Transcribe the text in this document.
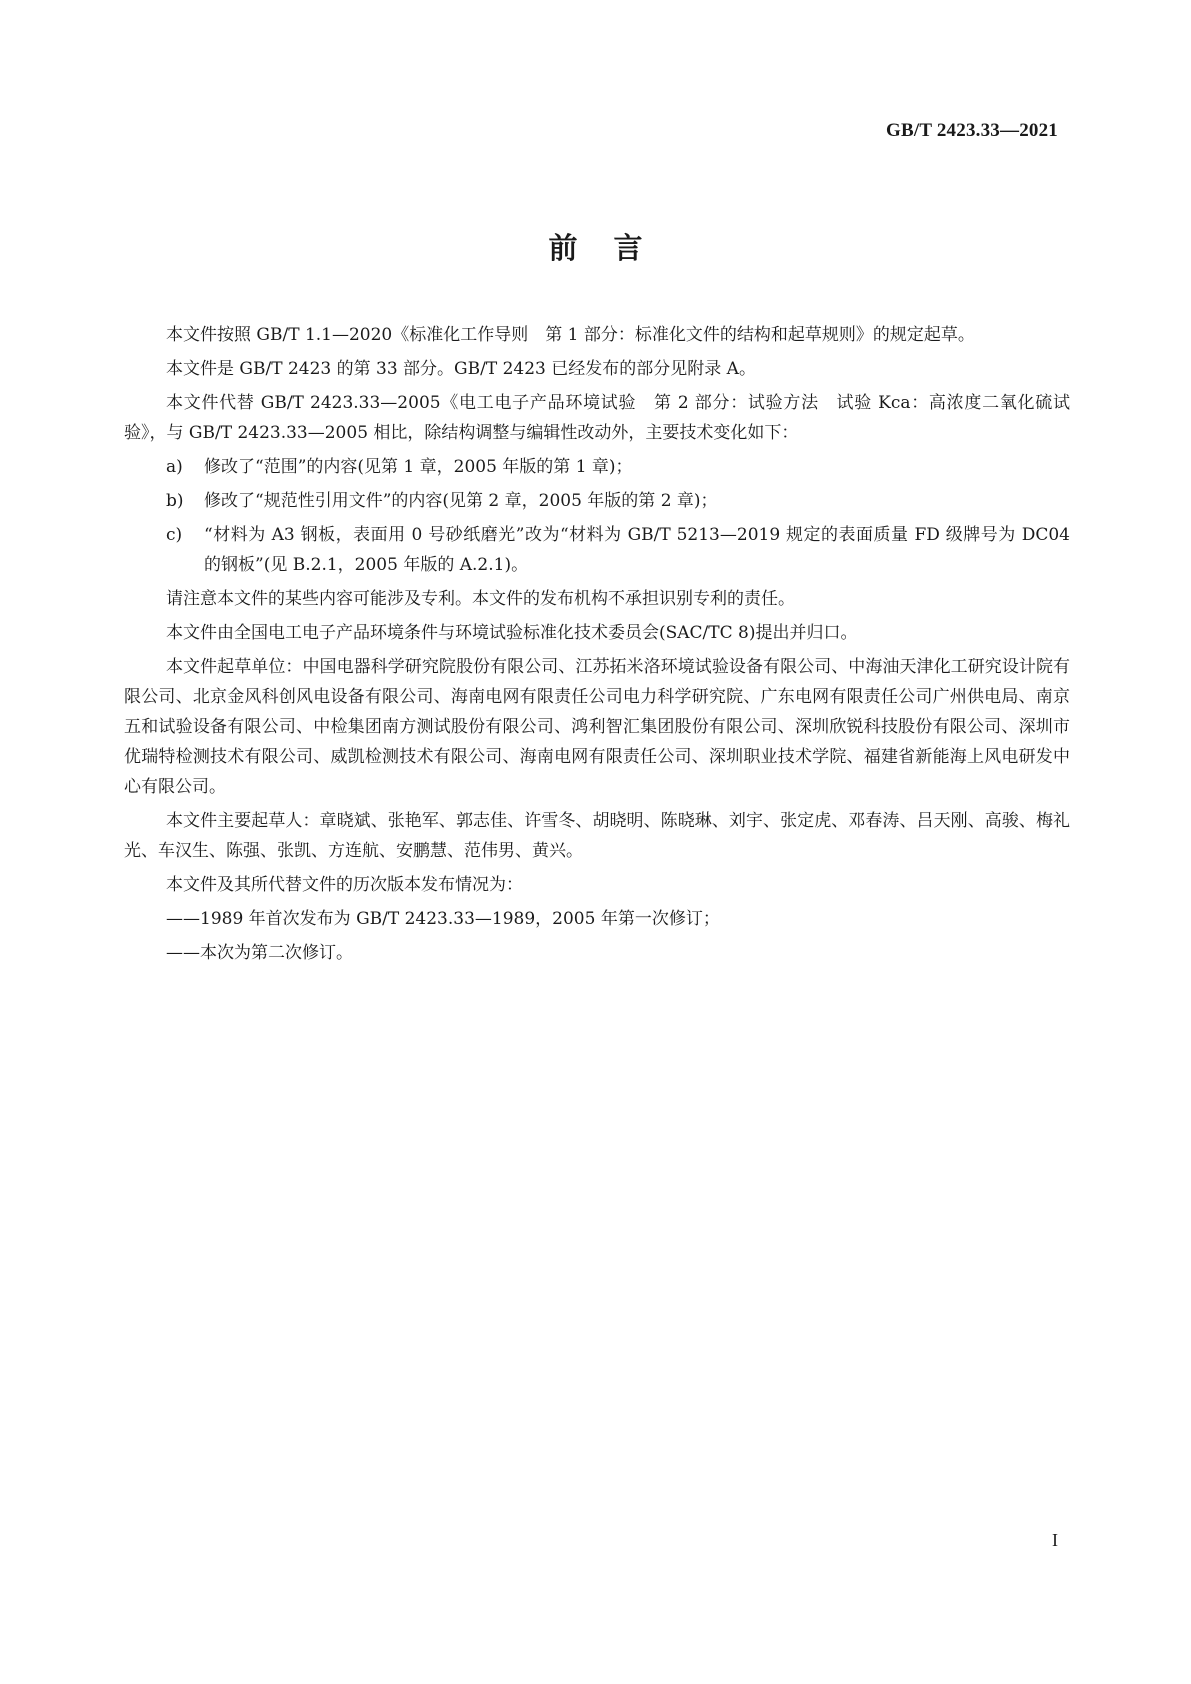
GB/T 2423.33—2021
前言

本文件按照 GB/T 1.1—2020《标准化工作导则　第 1 部分：标准化文件的结构和起草规则》的规定起草。

本文件是 GB/T 2423 的第 33 部分。GB/T 2423 已经发布的部分见附录 A。

本文件代替 GB/T 2423.33—2005《电工电子产品环境试验　第 2 部分：试验方法　试验 Kca：高浓度二氧化硫试验》，与 GB/T 2423.33—2005 相比，除结构调整与编辑性改动外，主要技术变化如下：

a)	修改了“范围”的内容(见第 1 章，2005 年版的第 1 章)；
b)	修改了“规范性引用文件”的内容(见第 2 章，2005 年版的第 2 章)；
c)	“材料为 A3 钢板，表面用 0 号砂纸磨光”改为“材料为 GB/T 5213—2019 规定的表面质量 FD 级牌号为 DC04 的钢板”(见 B.2.1，2005 年版的 A.2.1)。

请注意本文件的某些内容可能涉及专利。本文件的发布机构不承担识别专利的责任。

本文件由全国电工电子产品环境条件与环境试验标准化技术委员会(SAC/TC 8)提出并归口。

本文件起草单位：中国电器科学研究院股份有限公司、江苏拓米洛环境试验设备有限公司、中海油天津化工研究设计院有限公司、北京金风科创风电设备有限公司、海南电网有限责任公司电力科学研究院、广东电网有限责任公司广州供电局、南京五和试验设备有限公司、中检集团南方测试股份有限公司、鸿利智汇集团股份有限公司、深圳欣锐科技股份有限公司、深圳市优瑞特检测技术有限公司、威凯检测技术有限公司、海南电网有限责任公司、深圳职业技术学院、福建省新能海上风电研发中心有限公司。

本文件主要起草人：章晓斌、张艳军、郭志佳、许雪冬、胡晓明、陈晓琳、刘宇、张定虎、邓春涛、吕天刚、高骏、梅礼光、车汉生、陈强、张凯、方连航、安鹏慧、范伟男、黄兴。

本文件及其所代替文件的历次版本发布情况为：

——1989 年首次发布为 GB/T 2423.33—1989，2005 年第一次修订；
——本次为第二次修订。
I
